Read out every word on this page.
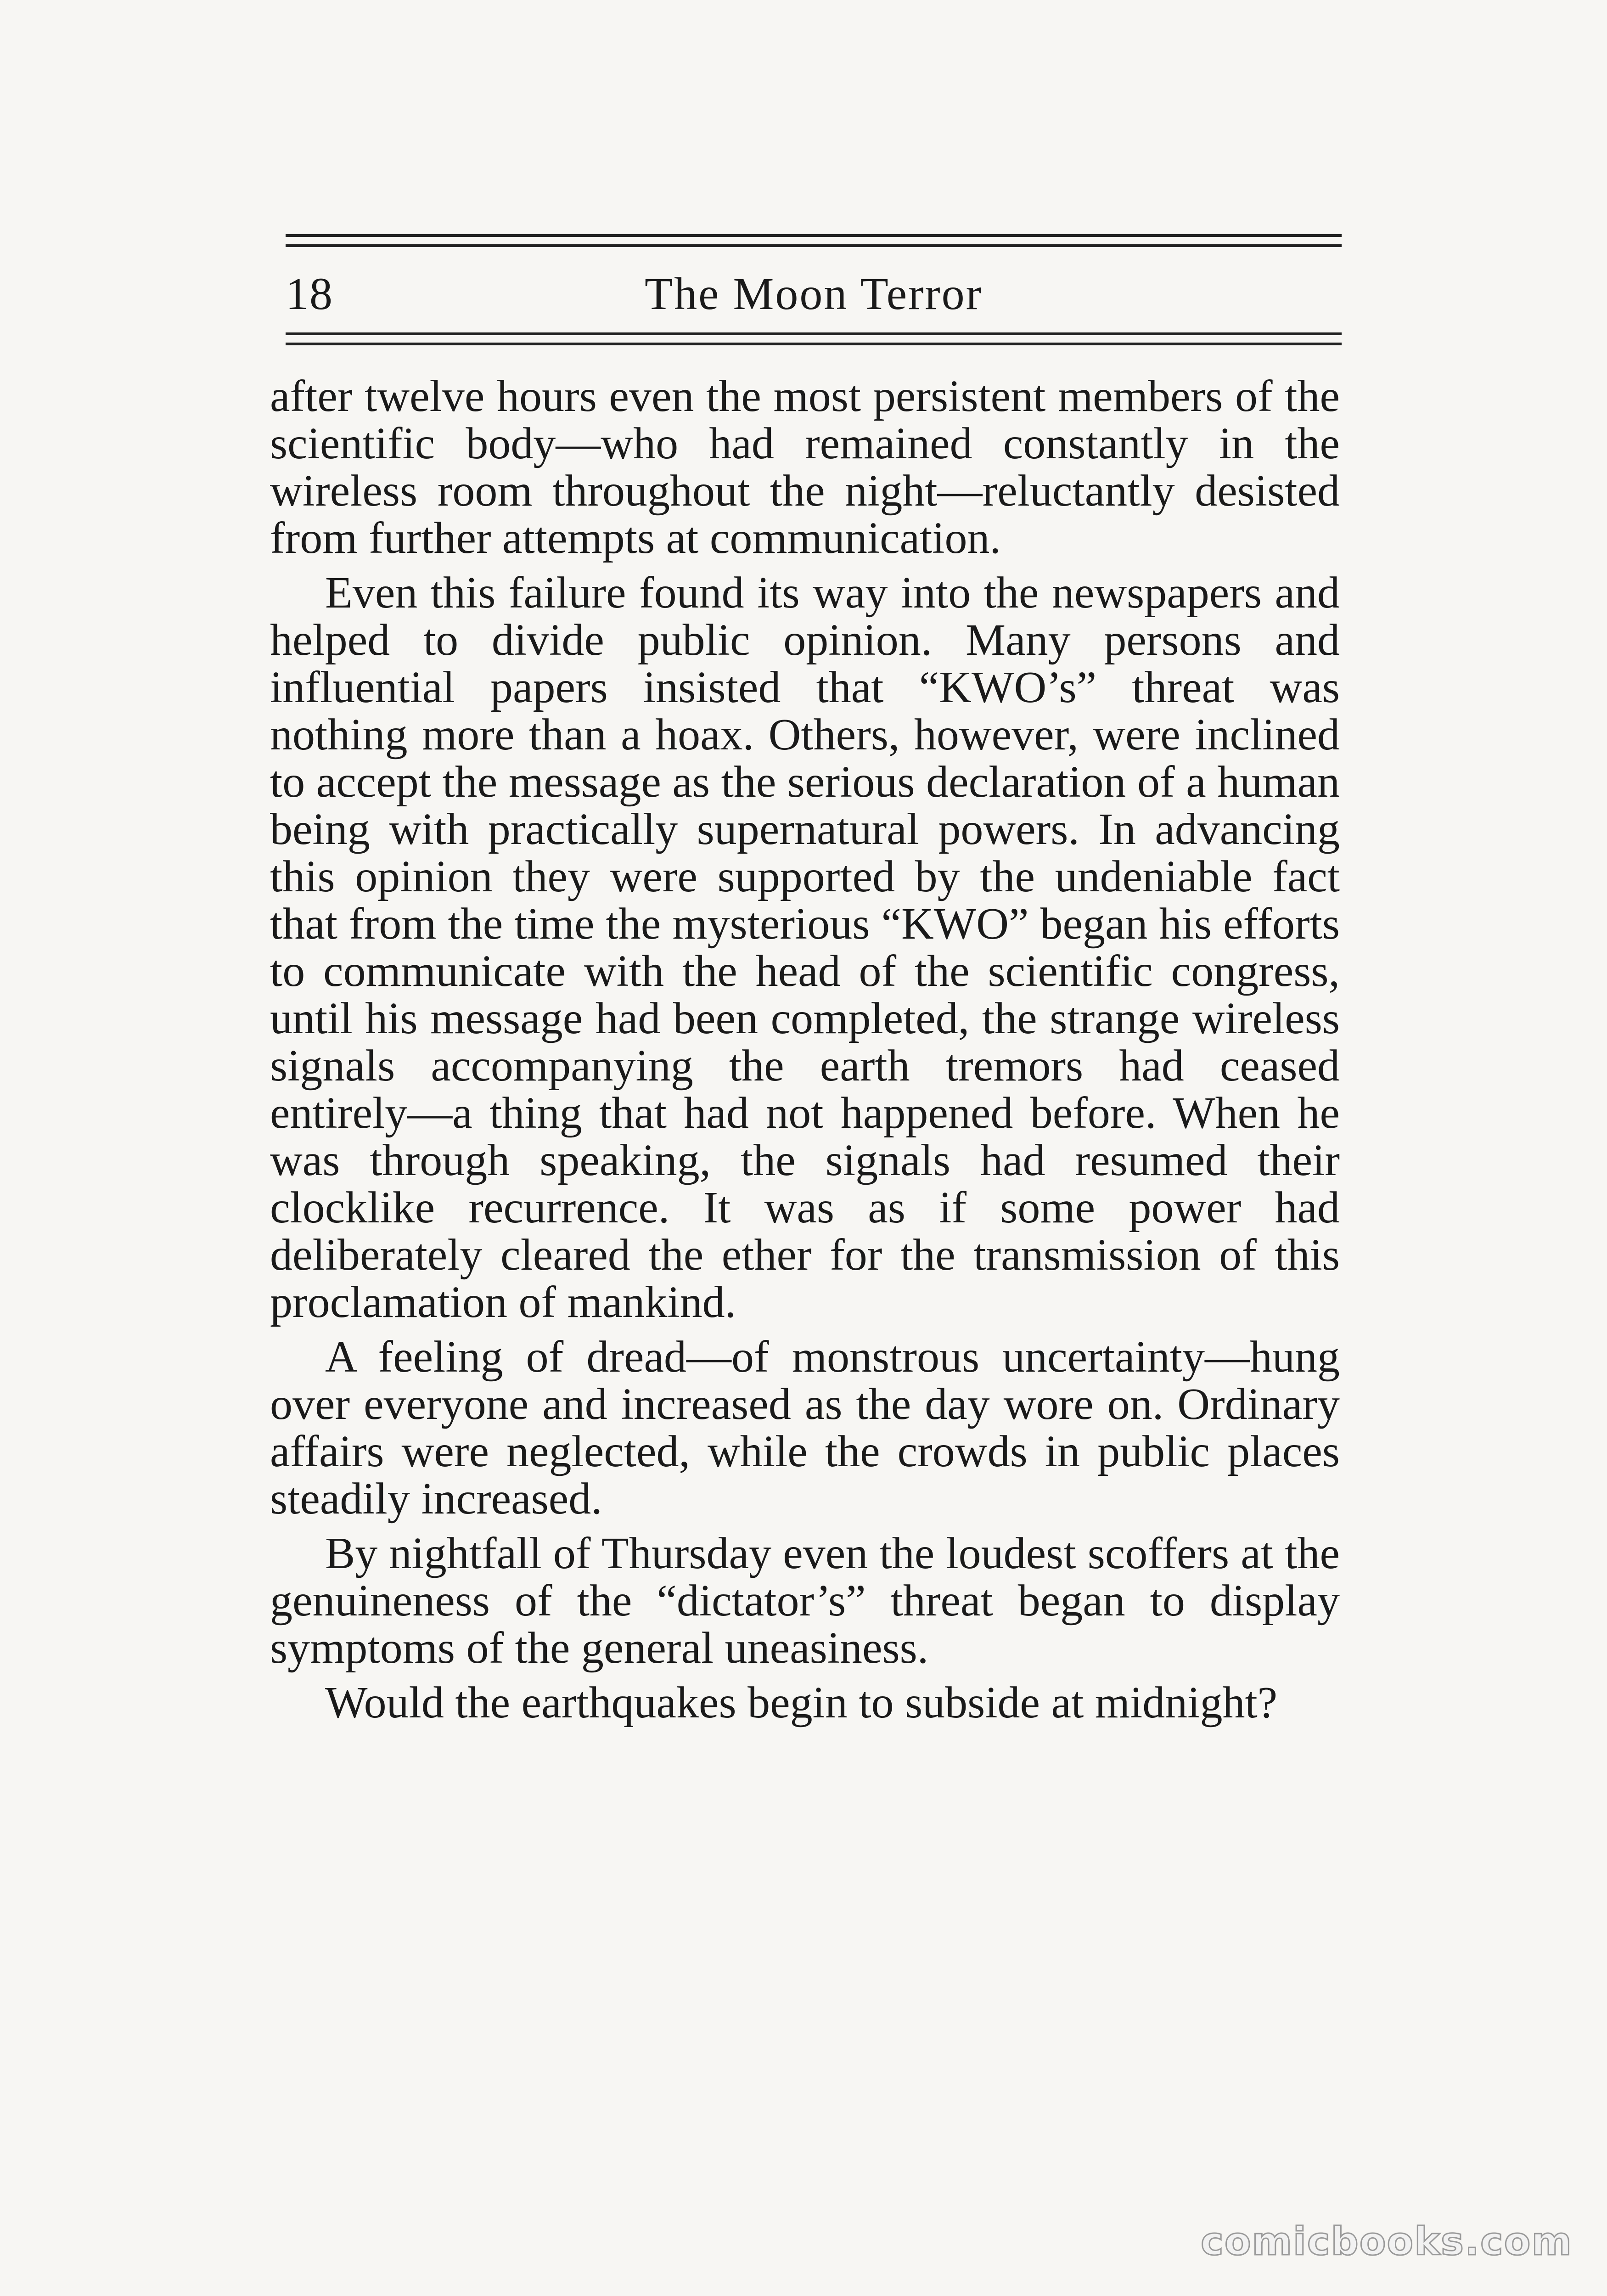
18	The Moon Terror

after twelve hours even the most persistent members of the scientific body—who had remained constantly in the wireless room throughout the night—reluctantly desisted from further attempts at communication.

Even this failure found its way into the newspapers and helped to divide public opinion. Many persons and influential papers insisted that “KWO’s” threat was nothing more than a hoax. Others, however, were inclined to accept the message as the serious declaration of a human being with practically supernatural powers. In advancing this opinion they were supported by the undeniable fact that from the time the mysterious “KWO” began his efforts to communicate with the head of the scientific congress, until his message had been completed, the strange wireless signals accompanying the earth tremors had ceased entirely—a thing that had not happened before. When he was through speaking, the signals had resumed their clocklike recurrence. It was as if some power had deliberately cleared the ether for the transmission of this proclamation of mankind.

A feeling of dread—of monstrous uncertainty—hung over everyone and increased as the day wore on. Ordinary affairs were neglected, while the crowds in public places steadily increased.

By nightfall of Thursday even the loudest scoffers at the genuineness of the “dictator’s” threat began to display symptoms of the general uneasiness.

Would the earthquakes begin to subside at midnight?

comicbooks.com
